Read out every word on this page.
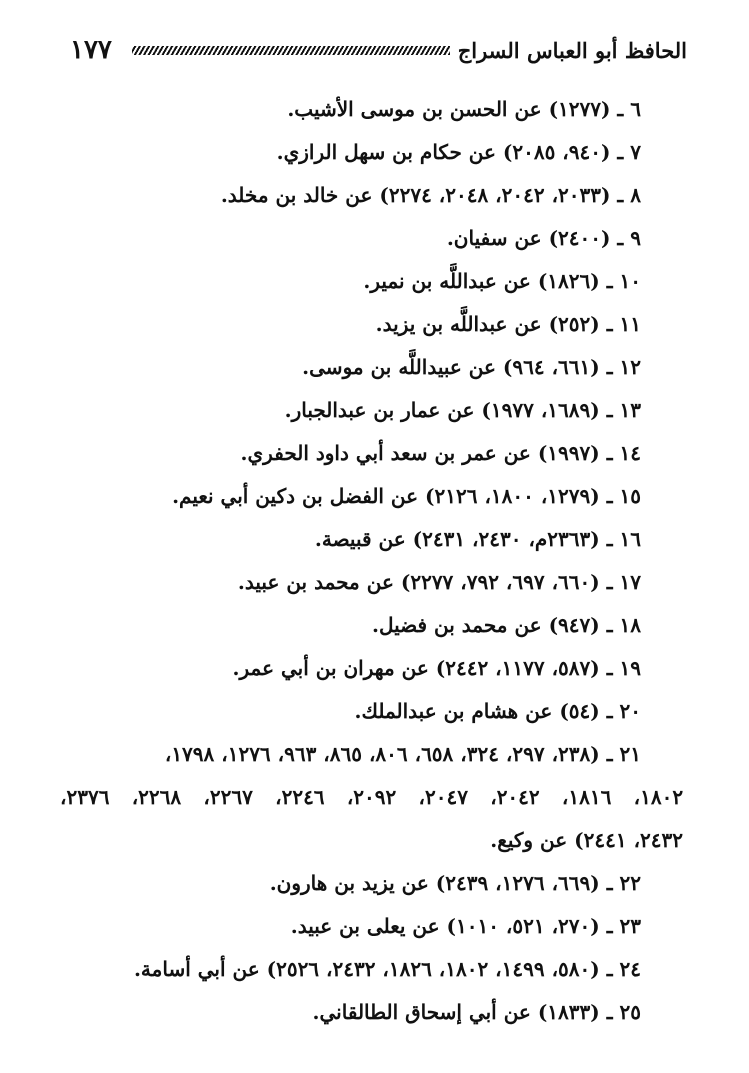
١٧٧	الحافظ أبو العباس السراج
٦ ـ (١٢٧٧) عن الحسن بن موسى الأشيب.
٧ ـ (٩٤٠، ٢٠٨٥) عن حكام بن سهل الرازي.
٨ ـ (٢٠٣٣، ٢٠٤٢، ٢٠٤٨، ٢٢٧٤) عن خالد بن مخلد.
٩ ـ (٢٤٠٠) عن سفيان.
١٠ ـ (١٨٢٦) عن عبداللَّه بن نمير.
١١ ـ (٢٥٢) عن عبداللَّه بن يزيد.
١٢ ـ (٦٦١، ٩٦٤) عن عبيداللَّه بن موسى.
١٣ ـ (١٦٨٩، ١٩٧٧) عن عمار بن عبدالجبار.
١٤ ـ (١٩٩٧) عن عمر بن سعد أبي داود الحفري.
١٥ ـ (١٢٧٩، ١٨٠٠، ٢١٢٦) عن الفضل بن دكين أبي نعيم.
١٦ ـ (٢٣٦٣م، ٢٤٣٠، ٢٤٣١) عن قبيصة.
١٧ ـ (٦٦٠، ٦٩٧، ٧٩٢، ٢٢٧٧) عن محمد بن عبيد.
١٨ ـ (٩٤٧) عن محمد بن فضيل.
١٩ ـ (٥٨٧، ١١٧٧، ٢٤٤٢) عن مهران بن أبي عمر.
٢٠ ـ (٥٤) عن هشام بن عبدالملك.
٢١ ـ (٢٣٨، ٢٩٧، ٣٢٤، ٦٥٨، ٨٠٦، ٨٦٥، ٩٦٣، ١٢٧٦، ١٧٩٨،
١٨٠٢، ١٨١٦، ٢٠٤٢، ٢٠٤٧، ٢٠٩٢، ٢٢٤٦، ٢٢٦٧، ٢٢٦٨، ٢٣٧٦،
٢٤٣٢، ٢٤٤١) عن وكيع.
٢٢ ـ (٦٦٩، ١٢٧٦، ٢٤٣٩) عن يزيد بن هارون.
٢٣ ـ (٢٧٠، ٥٢١، ١٠١٠) عن يعلى بن عبيد.
٢٤ ـ (٥٨٠، ١٤٩٩، ١٨٠٢، ١٨٢٦، ٢٤٣٢، ٢٥٢٦) عن أبي أسامة.
٢٥ ـ (١٨٣٣) عن أبي إسحاق الطالقاني.
